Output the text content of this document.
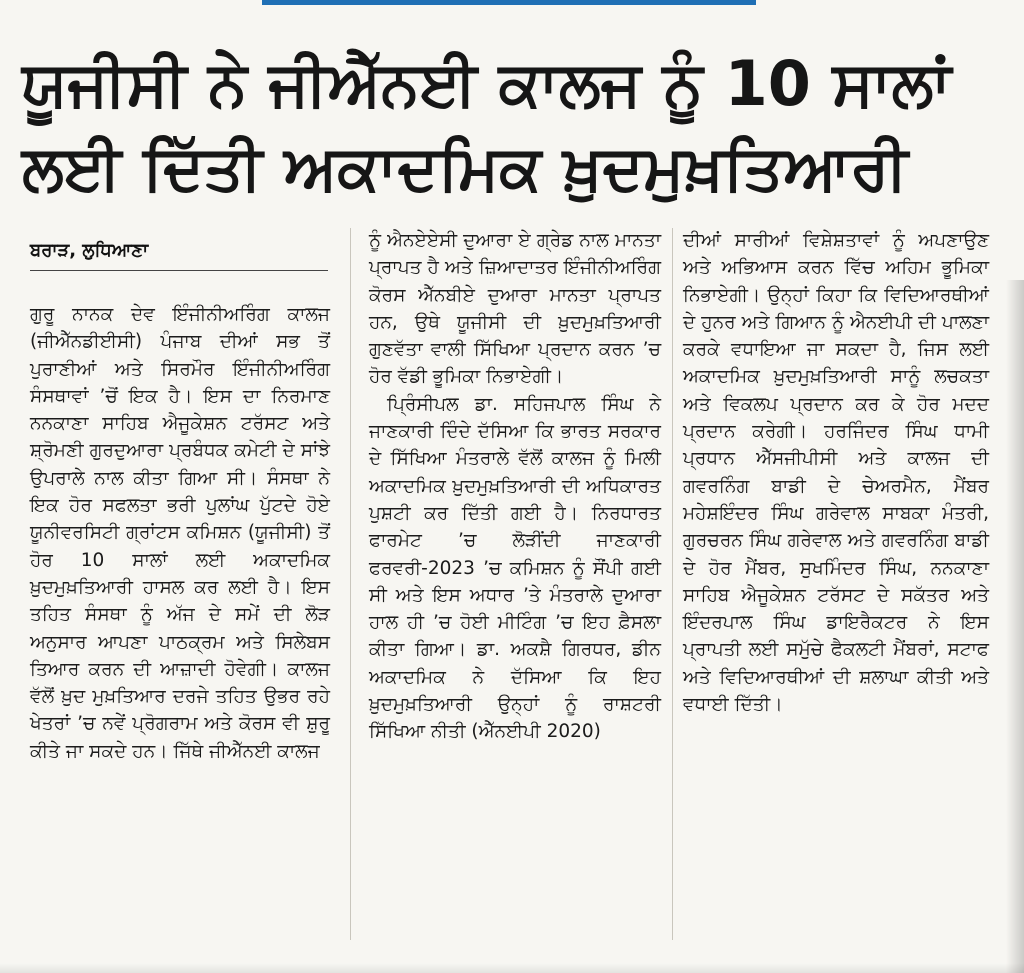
ਯੂਜੀਸੀ ਨੇ ਜੀਐੱਨਈ ਕਾਲਜ ਨੂੰ 10 ਸਾਲਾਂ
ਲਈ ਦਿੱਤੀ ਅਕਾਦਮਿਕ ਖ਼ੁਦਮੁਖ਼ਤਿਆਰੀ
ਬਰਾੜ, ਲੁਧਿਆਣਾ

ਗੁਰੂ ਨਾਨਕ ਦੇਵ ਇੰਜੀਨੀਅਰਿੰਗ ਕਾਲਜ (ਜੀਐੱਨਡੀਈਸੀ) ਪੰਜਾਬ ਦੀਆਂ ਸਭ ਤੋਂ ਪੁਰਾਣੀਆਂ ਅਤੇ ਸਿਰਮੌਰ ਇੰਜੀਨੀਅਰਿੰਗ ਸੰਸਥਾਵਾਂ ’ਚੋਂ ਇਕ ਹੈ। ਇਸ ਦਾ ਨਿਰਮਾਣ ਨਨਕਾਣਾ ਸਾਹਿਬ ਐਜੂਕੇਸ਼ਨ ਟਰੱਸਟ ਅਤੇ ਸ਼੍ਰੋਮਣੀ ਗੁਰਦੁਆਰਾ ਪ੍ਰਬੰਧਕ ਕਮੇਟੀ ਦੇ ਸਾਂਝੇ ਉਪਰਾਲੇ ਨਾਲ ਕੀਤਾ ਗਿਆ ਸੀ। ਸੰਸਥਾ ਨੇ ਇਕ ਹੋਰ ਸਫਲਤਾ ਭਰੀ ਪੁਲਾਂਘ ਪੁੱਟਦੇ ਹੋਏ ਯੂਨੀਵਰਸਿਟੀ ਗ੍ਰਾਂਟਸ ਕਮਿਸ਼ਨ (ਯੂਜੀਸੀ) ਤੋਂ ਹੋਰ 10 ਸਾਲਾਂ ਲਈ ਅਕਾਦਮਿਕ ਖ਼ੁਦਮੁਖ਼ਤਿਆਰੀ ਹਾਸਲ ਕਰ ਲਈ ਹੈ। ਇਸ ਤਹਿਤ ਸੰਸਥਾ ਨੂੰ ਅੱਜ ਦੇ ਸਮੇਂ ਦੀ ਲੋੜ ਅਨੁਸਾਰ ਆਪਣਾ ਪਾਠਕ੍ਰਮ ਅਤੇ ਸਿਲੇਬਸ ਤਿਆਰ ਕਰਨ ਦੀ ਆਜ਼ਾਦੀ ਹੋਵੇਗੀ। ਕਾਲਜ ਵੱਲੋਂ ਖ਼ੁਦ ਮੁਖ਼ਤਿਆਰ ਦਰਜੇ ਤਹਿਤ ਉਭਰ ਰਹੇ ਖੇਤਰਾਂ ’ਚ ਨਵੇਂ ਪ੍ਰੋਗਰਾਮ ਅਤੇ ਕੋਰਸ ਵੀ ਸ਼ੁਰੂ ਕੀਤੇ ਜਾ ਸਕਦੇ ਹਨ। ਜਿੱਥੇ ਜੀਐੱਨਈ ਕਾਲਜ

ਨੂੰ ਐਨਏਏਸੀ ਦੁਆਰਾ ਏ ਗ੍ਰੇਡ ਨਾਲ ਮਾਨਤਾ ਪ੍ਰਾਪਤ ਹੈ ਅਤੇ ਜ਼ਿਆਦਾਤਰ ਇੰਜੀਨੀਅਰਿੰਗ ਕੋਰਸ ਐੱਨਬੀਏ ਦੁਆਰਾ ਮਾਨਤਾ ਪ੍ਰਾਪਤ ਹਨ, ਉਥੇ ਯੂਜੀਸੀ ਦੀ ਖ਼ੁਦਮੁਖ਼ਤਿਆਰੀ ਗੁਣਵੱਤਾ ਵਾਲੀ ਸਿੱਖਿਆ ਪ੍ਰਦਾਨ ਕਰਨ ’ਚ ਹੋਰ ਵੱਡੀ ਭੂਮਿਕਾ ਨਿਭਾਏਗੀ।

ਪ੍ਰਿੰਸੀਪਲ ਡਾ. ਸਹਿਜਪਾਲ ਸਿੰਘ ਨੇ ਜਾਣਕਾਰੀ ਦਿੰਦੇ ਦੱਸਿਆ ਕਿ ਭਾਰਤ ਸਰਕਾਰ ਦੇ ਸਿੱਖਿਆ ਮੰਤਰਾਲੇ ਵੱਲੋਂ ਕਾਲਜ ਨੂੰ ਮਿਲੀ ਅਕਾਦਮਿਕ ਖ਼ੁਦਮੁਖ਼ਤਿਆਰੀ ਦੀ ਅਧਿਕਾਰਤ ਪੁਸ਼ਟੀ ਕਰ ਦਿੱਤੀ ਗਈ ਹੈ। ਨਿਰਧਾਰਤ ਫਾਰਮੇਟ ’ਚ ਲੋੜੀਂਦੀ ਜਾਣਕਾਰੀ ਫਰਵਰੀ-2023 ’ਚ ਕਮਿਸ਼ਨ ਨੂੰ ਸੌਂਪੀ ਗਈ ਸੀ ਅਤੇ ਇਸ ਅਧਾਰ ’ਤੇ ਮੰਤਰਾਲੇ ਦੁਆਰਾ ਹਾਲ ਹੀ ’ਚ ਹੋਈ ਮੀਟਿੰਗ ’ਚ ਇਹ ਫ਼ੈਸਲਾ ਕੀਤਾ ਗਿਆ। ਡਾ. ਅਕਸ਼ੈ ਗਿਰਧਰ, ਡੀਨ ਅਕਾਦਮਿਕ ਨੇ ਦੱਸਿਆ ਕਿ ਇਹ ਖ਼ੁਦਮੁਖ਼ਤਿਆਰੀ ਉਨ੍ਹਾਂ ਨੂੰ ਰਾਸ਼ਟਰੀ ਸਿੱਖਿਆ ਨੀਤੀ (ਐੱਨਈਪੀ 2020)

ਦੀਆਂ ਸਾਰੀਆਂ ਵਿਸ਼ੇਸ਼ਤਾਵਾਂ ਨੂੰ ਅਪਣਾਉਣ ਅਤੇ ਅਭਿਆਸ ਕਰਨ ਵਿੱਚ ਅਹਿਮ ਭੂਮਿਕਾ ਨਿਭਾਏਗੀ। ਉਨ੍ਹਾਂ ਕਿਹਾ ਕਿ ਵਿਦਿਆਰਥੀਆਂ ਦੇ ਹੁਨਰ ਅਤੇ ਗਿਆਨ ਨੂੰ ਐਨਈਪੀ ਦੀ ਪਾਲਣਾ ਕਰਕੇ ਵਧਾਇਆ ਜਾ ਸਕਦਾ ਹੈ, ਜਿਸ ਲਈ ਅਕਾਦਮਿਕ ਖ਼ੁਦਮੁਖ਼ਤਿਆਰੀ ਸਾਨੂੰ ਲਚਕਤਾ ਅਤੇ ਵਿਕਲਪ ਪ੍ਰਦਾਨ ਕਰ ਕੇ ਹੋਰ ਮਦਦ ਪ੍ਰਦਾਨ ਕਰੇਗੀ। ਹਰਜਿੰਦਰ ਸਿੰਘ ਧਾਮੀ ਪ੍ਰਧਾਨ ਐੱਸਜੀਪੀਸੀ ਅਤੇ ਕਾਲਜ ਦੀ ਗਵਰਨਿੰਗ ਬਾਡੀ ਦੇ ਚੇਅਰਮੈਨ, ਮੈਂਬਰ ਮਹੇਸ਼ਇੰਦਰ ਸਿੰਘ ਗਰੇਵਾਲ ਸਾਬਕਾ ਮੰਤਰੀ, ਗੁਰਚਰਨ ਸਿੰਘ ਗਰੇਵਾਲ ਅਤੇ ਗਵਰਨਿੰਗ ਬਾਡੀ ਦੇ ਹੋਰ ਮੈਂਬਰ, ਸੁਖਮਿੰਦਰ ਸਿੰਘ, ਨਨਕਾਣਾ ਸਾਹਿਬ ਐਜੂਕੇਸ਼ਨ ਟਰੱਸਟ ਦੇ ਸਕੱਤਰ ਅਤੇ ਇੰਦਰਪਾਲ ਸਿੰਘ ਡਾਇਰੈਕਟਰ ਨੇ ਇਸ ਪ੍ਰਾਪਤੀ ਲਈ ਸਮੁੱਚੇ ਫੈਕਲਟੀ ਮੈਂਬਰਾਂ, ਸਟਾਫ ਅਤੇ ਵਿਦਿਆਰਥੀਆਂ ਦੀ ਸ਼ਲਾਘਾ ਕੀਤੀ ਅਤੇ ਵਧਾਈ ਦਿੱਤੀ।
